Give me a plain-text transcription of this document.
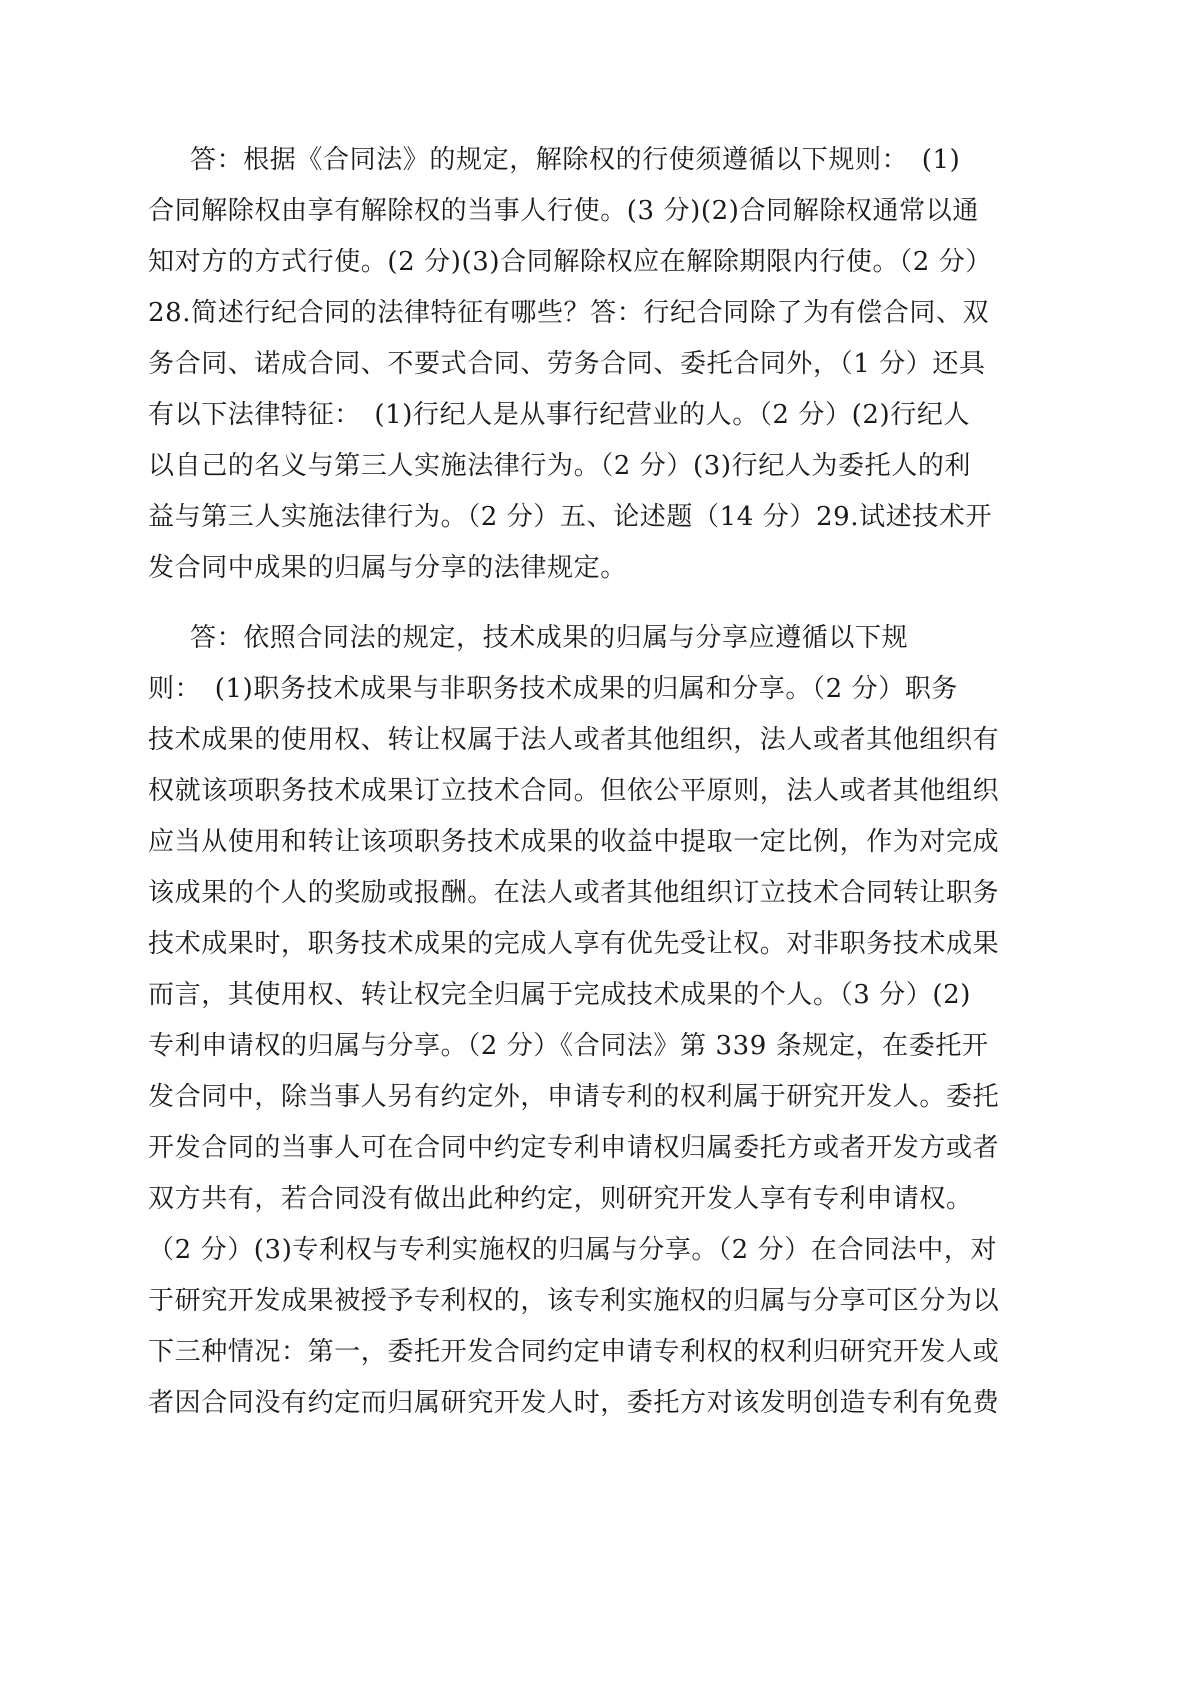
答：根据《合同法》的规定，解除权的行使须遵循以下规则：　(1)
合同解除权由享有解除权的当事人行使。(3 分)(2)合同解除权通常以通
知对方的方式行使。(2 分)(3)合同解除权应在解除期限内行使。（2 分）
28.简述行纪合同的法律特征有哪些？答：行纪合同除了为有偿合同、双
务合同、诺成合同、不要式合同、劳务合同、委托合同外，（1 分）还具
有以下法律特征：　(1)行纪人是从事行纪营业的人。（2 分）(2)行纪人
以自己的名义与第三人实施法律行为。（2 分）(3)行纪人为委托人的利
益与第三人实施法律行为。（2 分）五、论述题（14 分）29.试述技术开
发合同中成果的归属与分享的法律规定。
答：依照合同法的规定，技术成果的归属与分享应遵循以下规
则：　(1)职务技术成果与非职务技术成果的归属和分享。（2 分）职务
技术成果的使用权、转让权属于法人或者其他组织，法人或者其他组织有
权就该项职务技术成果订立技术合同。但依公平原则，法人或者其他组织
应当从使用和转让该项职务技术成果的收益中提取一定比例，作为对完成
该成果的个人的奖励或报酬。在法人或者其他组织订立技术合同转让职务
技术成果时，职务技术成果的完成人享有优先受让权。对非职务技术成果
而言，其使用权、转让权完全归属于完成技术成果的个人。（3 分）(2)
专利申请权的归属与分享。（2 分）《合同法》第 339 条规定，在委托开
发合同中，除当事人另有约定外，申请专利的权利属于研究开发人。委托
开发合同的当事人可在合同中约定专利申请权归属委托方或者开发方或者
双方共有，若合同没有做出此种约定，则研究开发人享有专利申请权。
（2 分）(3)专利权与专利实施权的归属与分享。（2 分）在合同法中，对
于研究开发成果被授予专利权的，该专利实施权的归属与分享可区分为以
下三种情况：第一，委托开发合同约定申请专利权的权利归研究开发人或
者因合同没有约定而归属研究开发人时，委托方对该发明创造专利有免费
